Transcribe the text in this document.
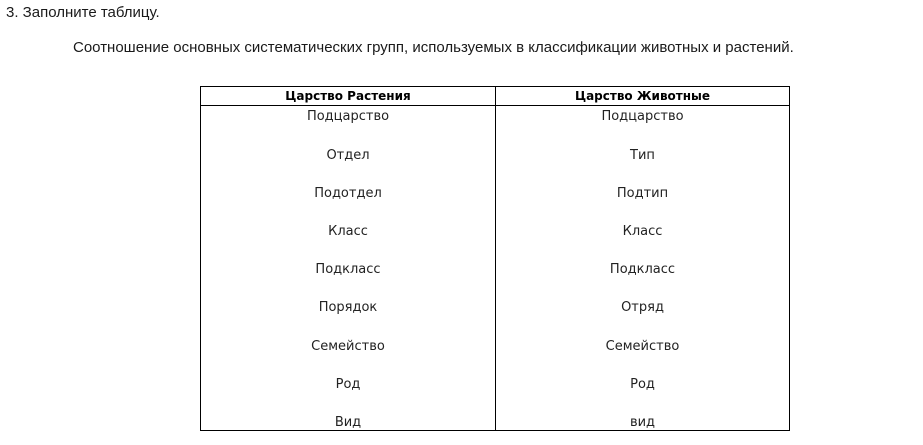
3. Заполните таблицу.
Соотношение основных систематических групп, используемых в классификации животных и растений.
Царство Растения
Подцарство
Отдел
Подотдел
Класс
Подкласс
Порядок
Семейство
Род
Вид
Царство Животные
Подцарство
Тип
Подтип
Класс
Подкласс
Отряд
Семейство
Род
вид
